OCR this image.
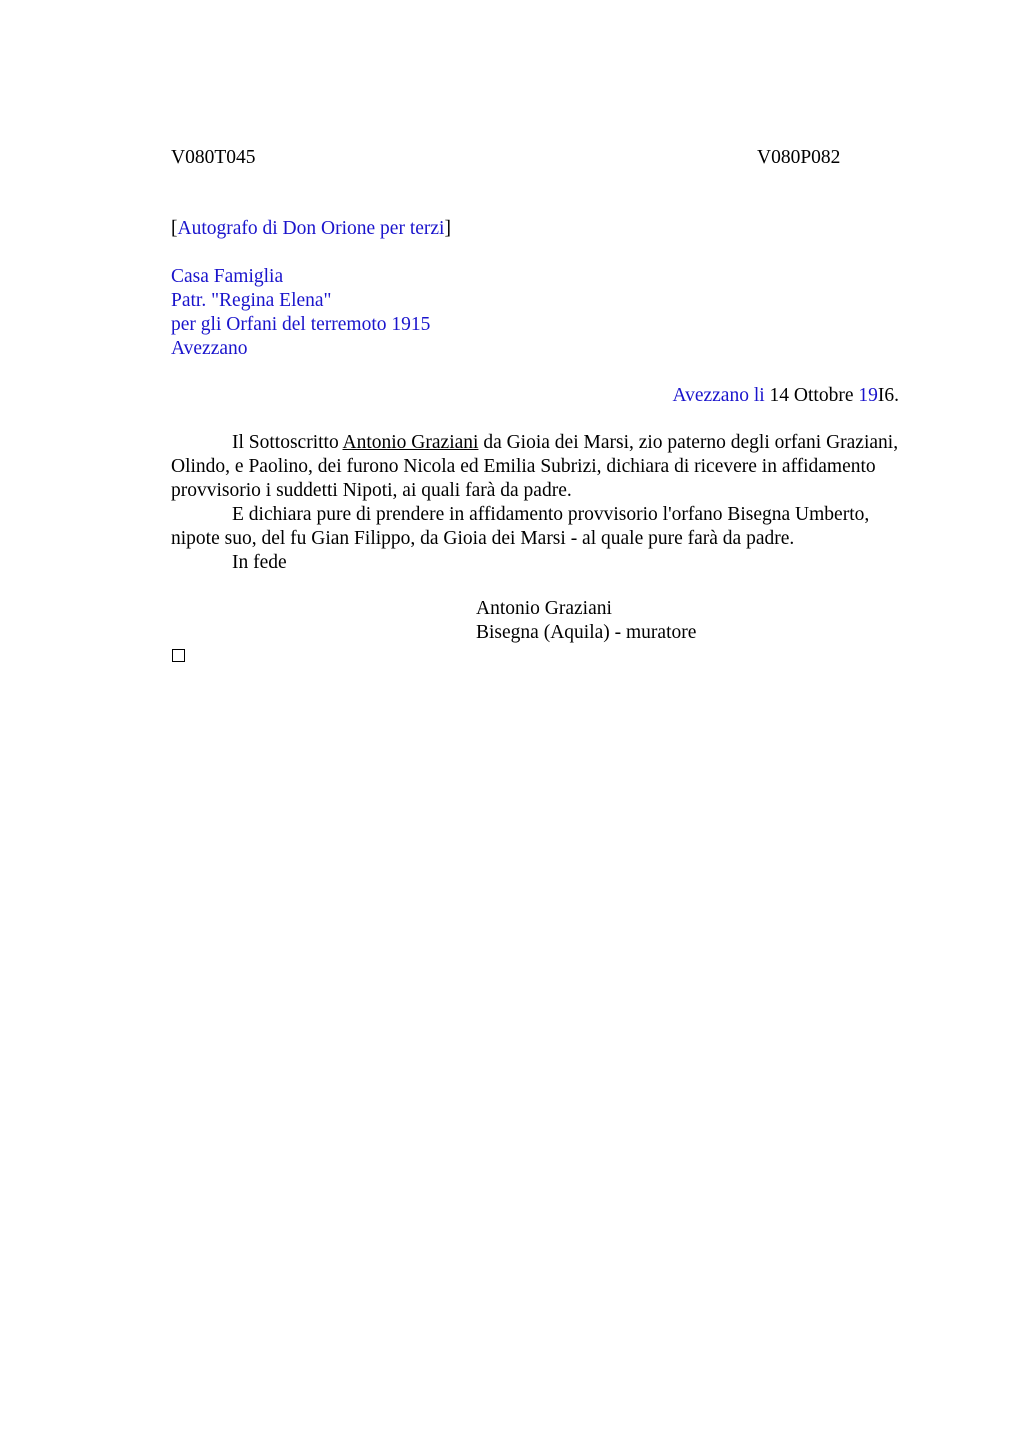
V080T045	V080P082
[Autografo di Don Orione per terzi]
Casa Famiglia
Patr. "Regina Elena"
per gli Orfani del terremoto 1915
Avezzano
Avezzano li 14 Ottobre 19I6.

Il Sottoscritto Antonio Graziani da Gioia dei Marsi, zio paterno degli orfani Graziani, Olindo, e Paolino, dei furono Nicola ed Emilia Subrizi, dichiara di ricevere in affidamento provvisorio i suddetti Nipoti, ai quali farà da padre.

E dichiara pure di prendere in affidamento provvisorio l'orfano Bisegna Umberto, nipote suo, del fu Gian Filippo, da Gioia dei Marsi - al quale pure farà da padre.

In fede

Antonio Graziani
Bisegna (Aquila) - muratore
